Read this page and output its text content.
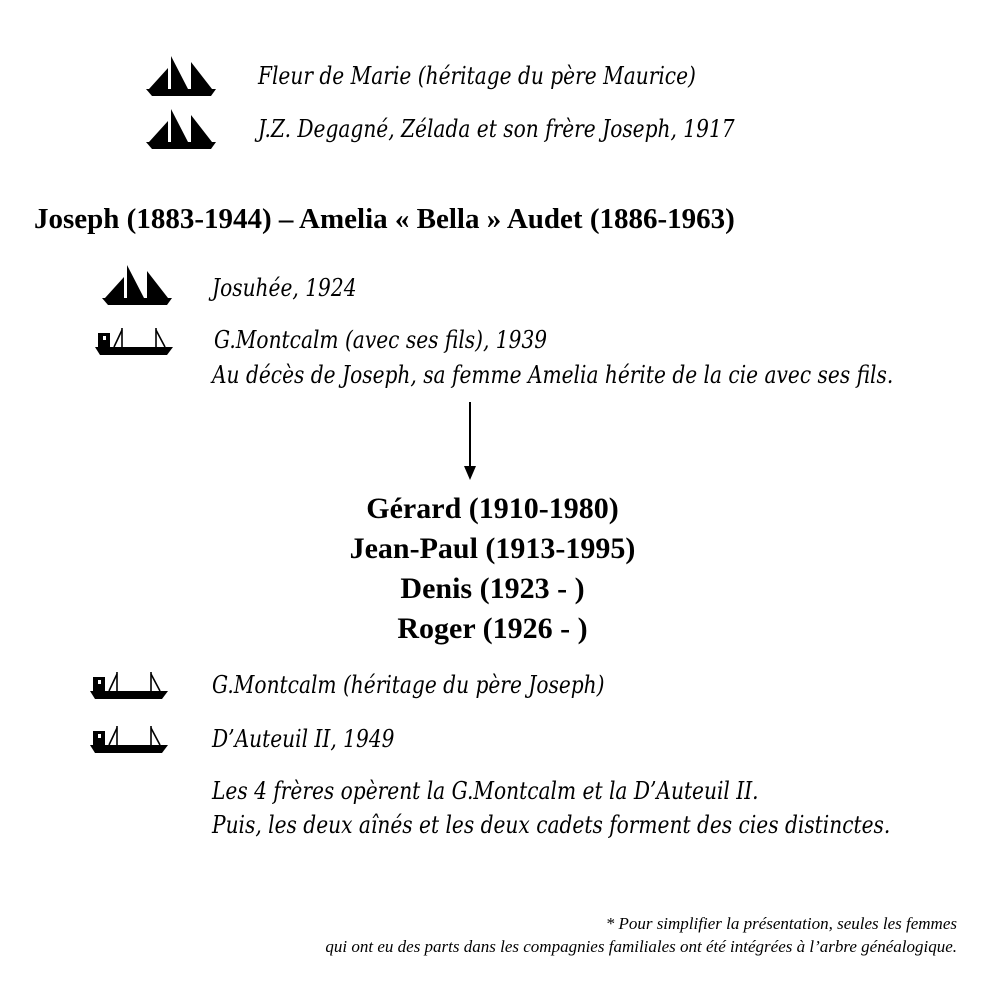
Fleur de Marie (héritage du père Maurice)

J.Z. Degagné, Zélada et son frère Joseph, 1917

Joseph (1883-1944) – Amelia « Bella » Audet (1886-1963)

Josuhée, 1924

G.Montcalm (avec ses fils), 1939

Au décès de Joseph, sa femme Amelia hérite de la cie avec ses fils.

Gérard (1910-1980)

Jean-Paul (1913-1995)

Denis (1923 - )

Roger (1926 - )

G.Montcalm (héritage du père Joseph)

D’Auteuil II, 1949

Les 4 frères opèrent la G.Montcalm et la D’Auteuil II.

Puis, les deux aînés et les deux cadets forment des cies distinctes.

* Pour simplifier la présentation, seules les femmes

qui ont eu des parts dans les compagnies familiales ont été intégrées à l’arbre généalogique.
